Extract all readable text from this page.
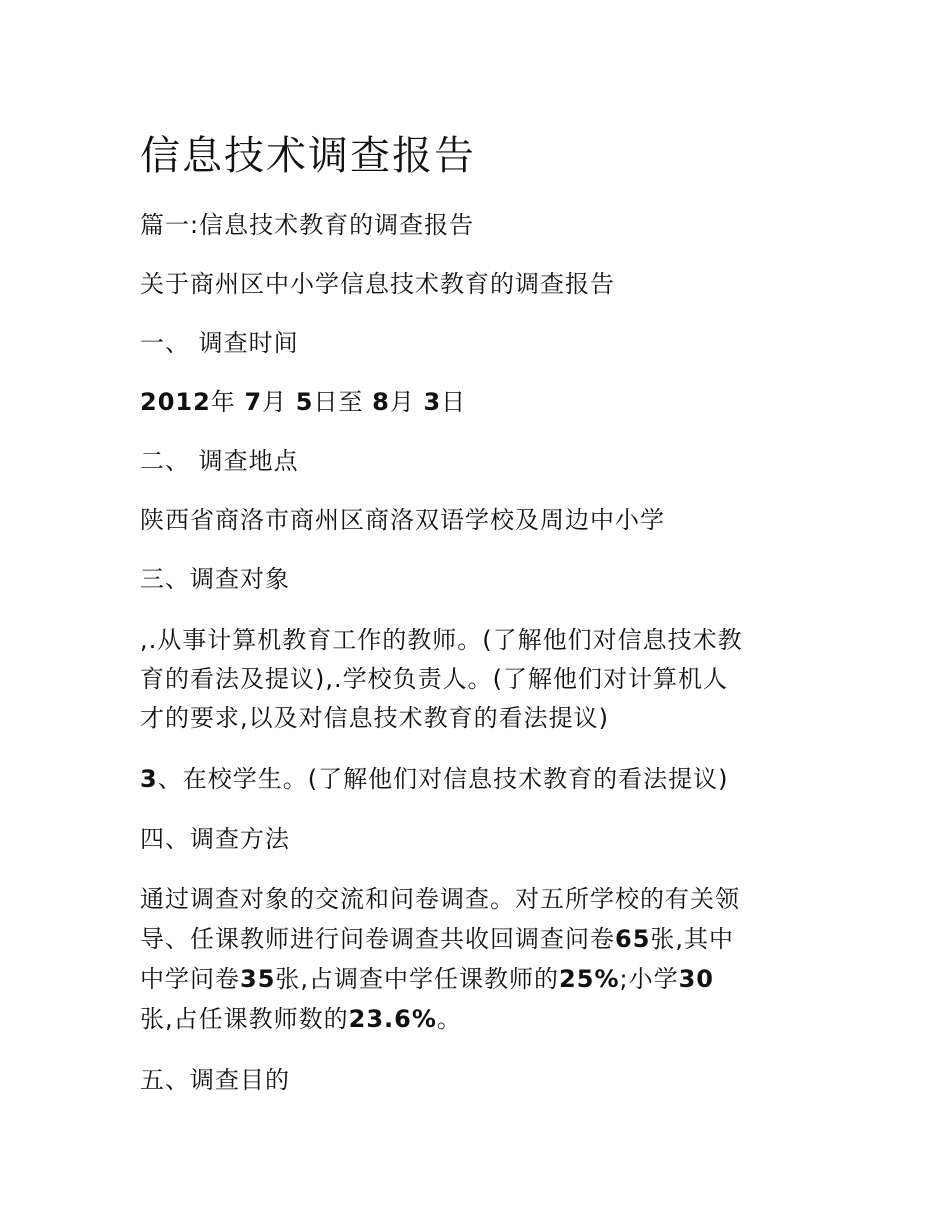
信息技术调查报告
篇一:信息技术教育的调查报告
关于商州区中小学信息技术教育的调查报告
一、 调查时间
2012年 7月 5日至 8月 3日
二、 调查地点
陕西省商洛市商州区商洛双语学校及周边中小学
三、调查对象
,.从事计算机教育工作的教师。(了解他们对信息技术教
育的看法及提议),.学校负责人。(了解他们对计算机人
才的要求,以及对信息技术教育的看法提议)
3、在校学生。(了解他们对信息技术教育的看法提议)
四、调查方法
通过调查对象的交流和问卷调查。对五所学校的有关领
导、任课教师进行问卷调查共收回调查问卷65张,其中
中学问卷35张,占调查中学任课教师的25%;小学30
张,占任课教师数的23.6%。
五、调查目的
